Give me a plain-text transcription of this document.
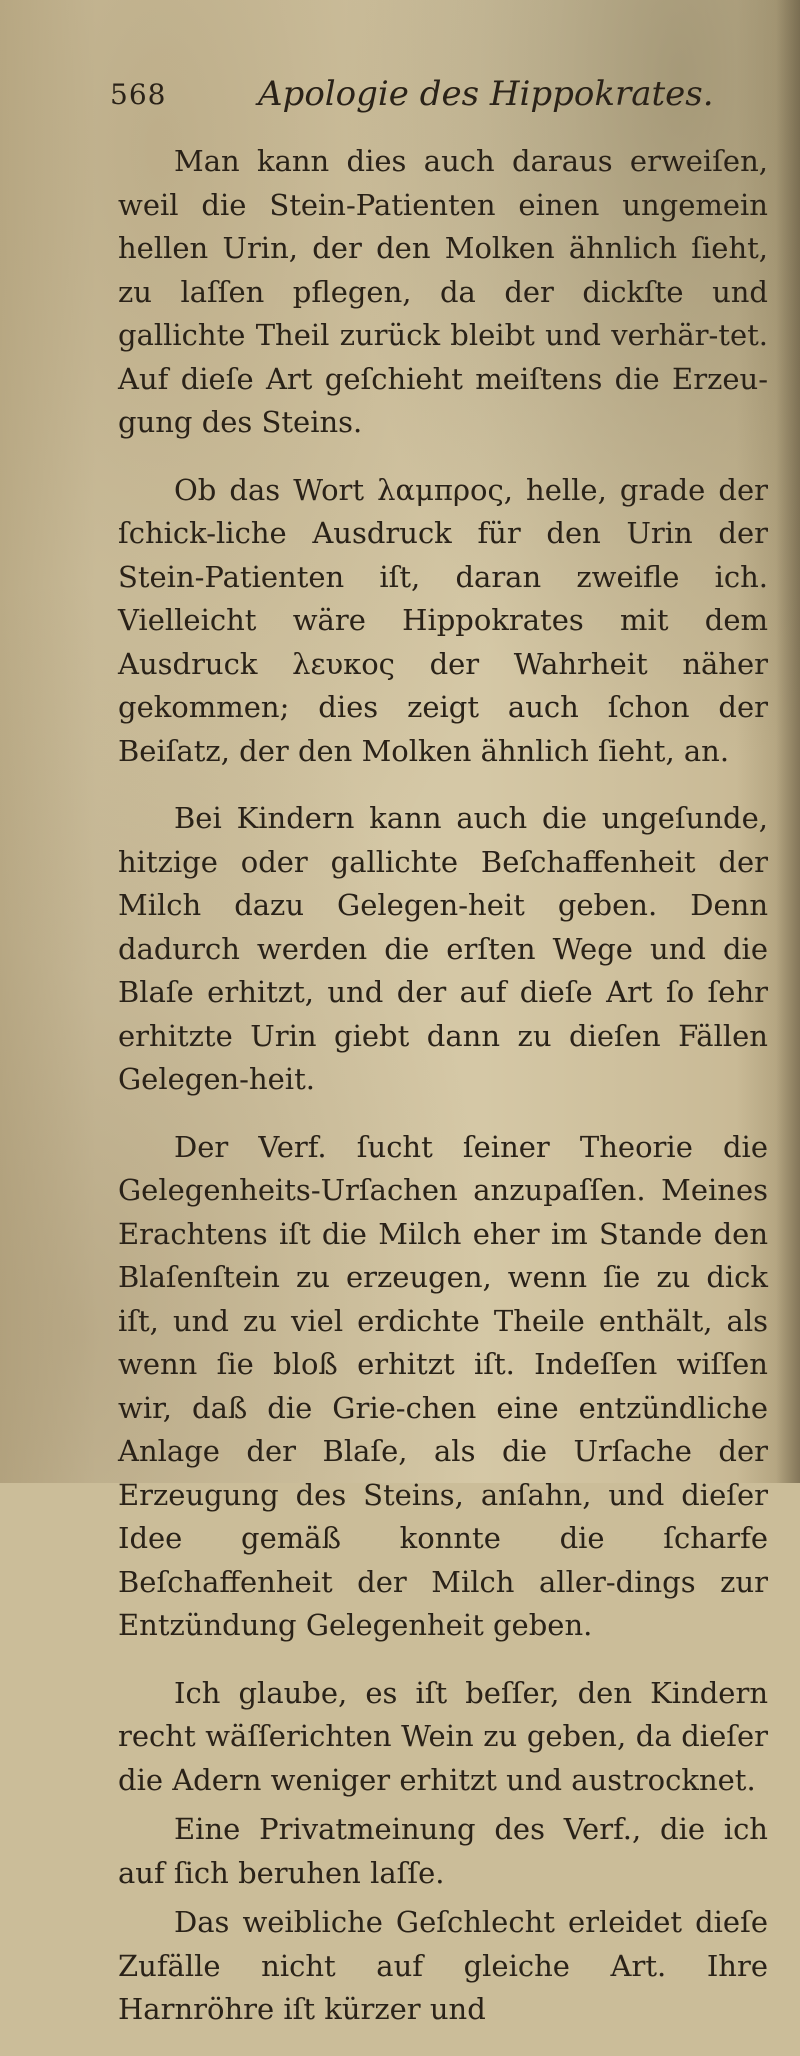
568	Apologie des Hippokrates.

Man kann dies auch daraus erweiſen, weil die Stein-Patienten einen ungemein hellen Urin, der den Molken ähnlich ſieht, zu laſſen pflegen, da der dickſte und gallichte Theil zurück bleibt und verhär-tet. Auf dieſe Art geſchieht meiſtens die Erzeu-gung des Steins.

Ob das Wort λαμπρος, helle, grade der ſchick-liche Ausdruck für den Urin der Stein-Patienten iſt, daran zweifle ich. Vielleicht wäre Hippokrates mit dem Ausdruck λευκος der Wahrheit näher gekommen; dies zeigt auch ſchon der Beiſatz, der den Molken ähnlich ſieht, an.

Bei Kindern kann auch die ungeſunde, hitzige oder gallichte Beſchaffenheit der Milch dazu Gelegen-heit geben. Denn dadurch werden die erſten Wege und die Blaſe erhitzt, und der auf dieſe Art ſo ſehr erhitzte Urin giebt dann zu dieſen Fällen Gelegen-heit.

Der Verf. ſucht ſeiner Theorie die Gelegenheits-Urſachen anzupaſſen. Meines Erachtens iſt die Milch eher im Stande den Blaſenſtein zu erzeugen, wenn ſie zu dick iſt, und zu viel erdichte Theile enthält, als wenn ſie bloß erhitzt iſt. Indeſſen wiſſen wir, daß die Grie-chen eine entzündliche Anlage der Blaſe, als die Urſache der Erzeugung des Steins, anſahn, und dieſer Idee gemäß konnte die ſcharfe Beſchaffenheit der Milch aller-dings zur Entzündung Gelegenheit geben.

Ich glaube, es iſt beſſer, den Kindern recht wäſſerichten Wein zu geben, da dieſer die Adern weniger erhitzt und austrocknet.

Eine Privatmeinung des Verf., die ich auf ſich beruhen laſſe.

Das weibliche Geſchlecht erleidet dieſe Zufälle nicht auf gleiche Art. Ihre Harnröhre iſt kürzer und
